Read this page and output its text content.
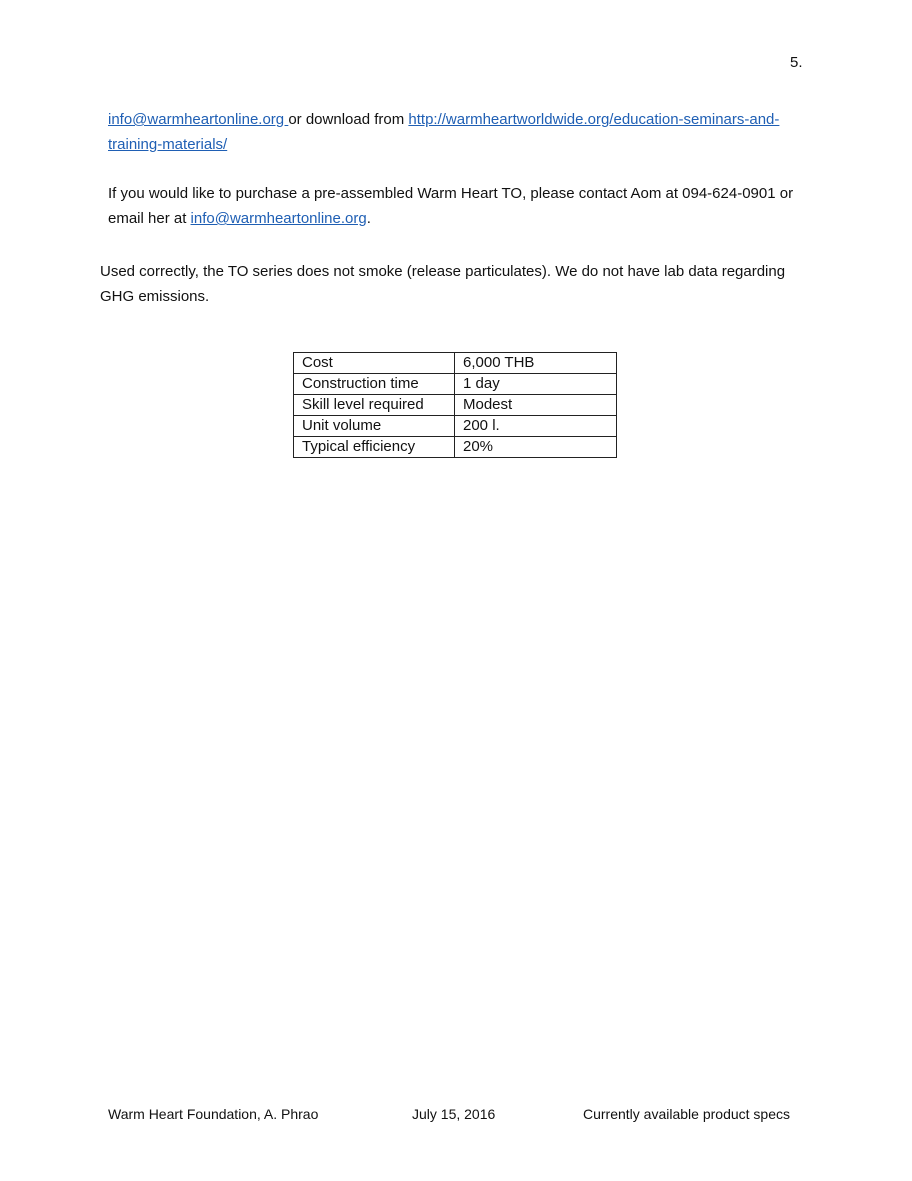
5.
info@warmheartonline.org or download from http://warmheartworldwide.org/education-seminars-and-training-materials/
If you would like to purchase a pre-assembled Warm Heart TO, please contact Aom at 094-624-0901 or email her at info@warmheartonline.org.
Used correctly, the TO series does not smoke (release particulates). We do not have lab data regarding GHG emissions.
Cost	6,000 THB
Construction time	1 day
Skill level required	Modest
Unit volume	200 l.
Typical efficiency	20%
Warm Heart Foundation, A. Phrao	July 15, 2016	Currently available product specs
